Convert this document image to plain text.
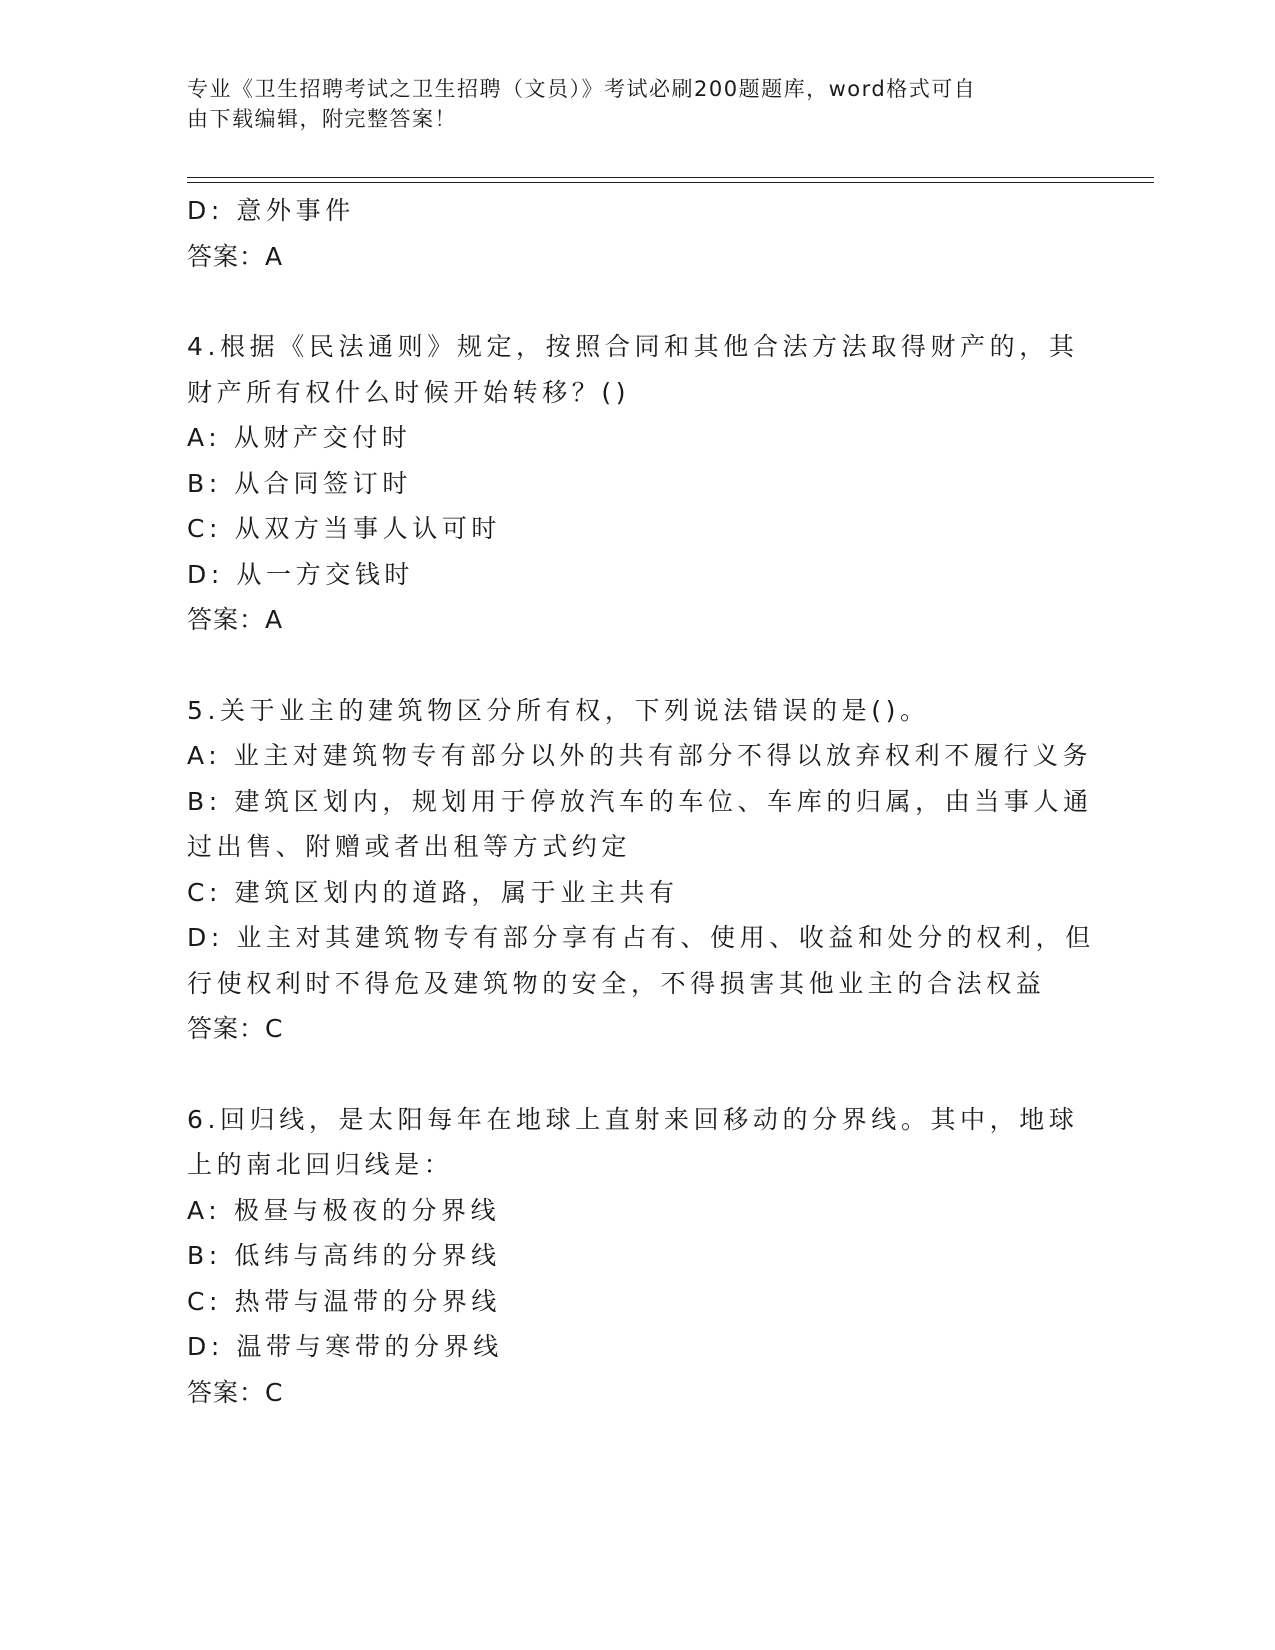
专业《卫生招聘考试之卫生招聘（文员）》考试必刷200题题库，word格式可自
由下载编辑，附完整答案！
D: 意外事件
答案：A
4.根据《民法通则》规定，按照合同和其他合法方法取得财产的，其
财产所有权什么时候开始转移？()
A: 从财产交付时
B: 从合同签订时
C: 从双方当事人认可时
D: 从一方交钱时
答案：A
5.关于业主的建筑物区分所有权，下列说法错误的是()。
A: 业主对建筑物专有部分以外的共有部分不得以放弃权利不履行义务
B: 建筑区划内，规划用于停放汽车的车位、车库的归属，由当事人通
过出售、附赠或者出租等方式约定
C: 建筑区划内的道路，属于业主共有
D: 业主对其建筑物专有部分享有占有、使用、收益和处分的权利，但
行使权利时不得危及建筑物的安全，不得损害其他业主的合法权益
答案：C
6.回归线，是太阳每年在地球上直射来回移动的分界线。其中，地球
上的南北回归线是：
A: 极昼与极夜的分界线
B: 低纬与高纬的分界线
C: 热带与温带的分界线
D: 温带与寒带的分界线
答案：C
